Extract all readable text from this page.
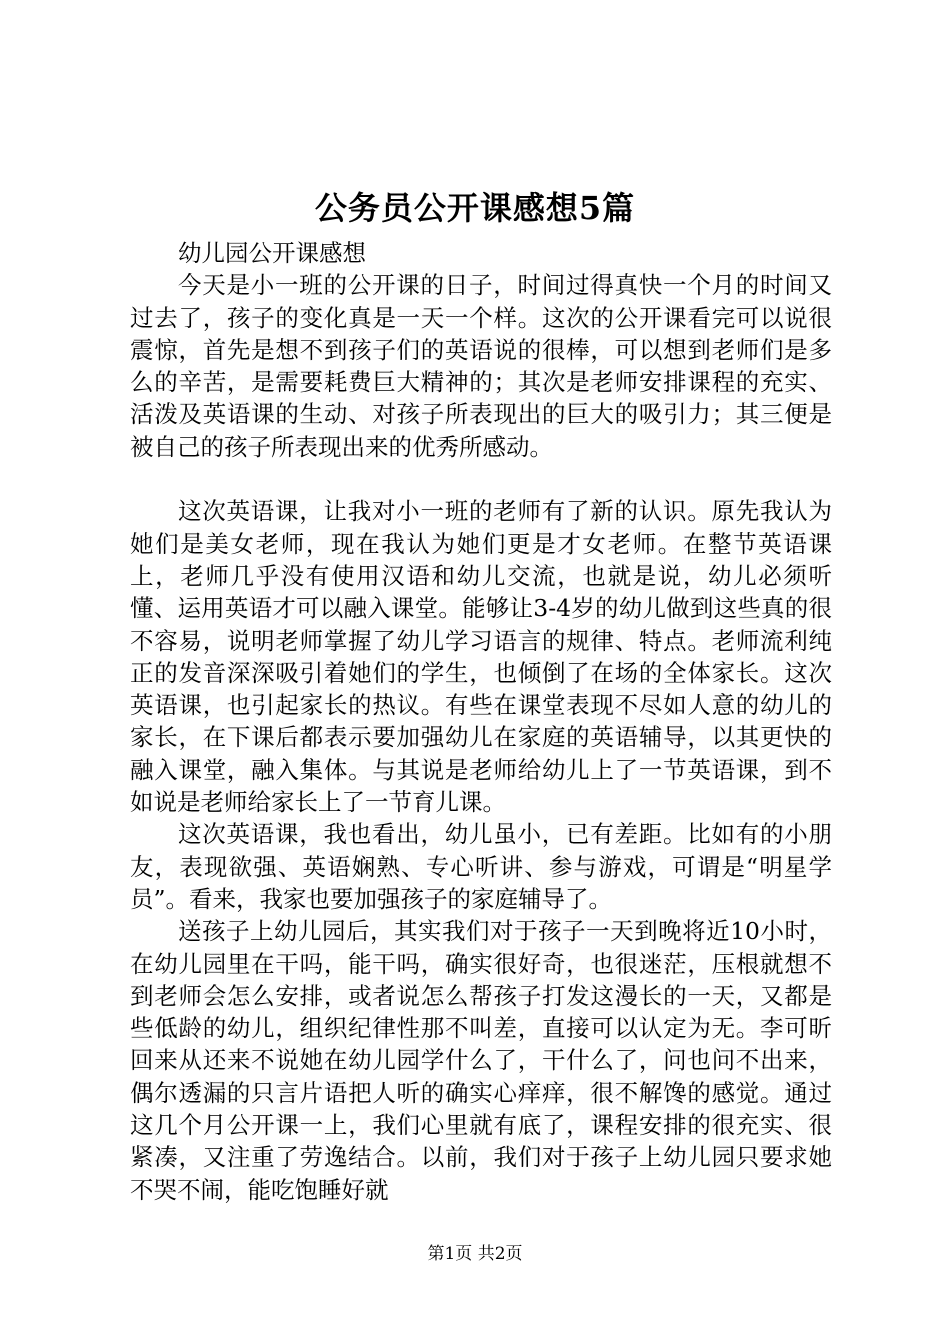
公务员公开课感想5篇
幼儿园公开课感想

今天是小一班的公开课的日子，时间过得真快一个月的时间又过去了，孩子的变化真是一天一个样。这次的公开课看完可以说很震惊，首先是想不到孩子们的英语说的很棒，可以想到老师们是多么的辛苦，是需要耗费巨大精神的；其次是老师安排课程的充实、活泼及英语课的生动、对孩子所表现出的巨大的吸引力；其三便是被自己的孩子所表现出来的优秀所感动。

这次英语课，让我对小一班的老师有了新的认识。原先我认为她们是美女老师，现在我认为她们更是才女老师。在整节英语课上，老师几乎没有使用汉语和幼儿交流，也就是说，幼儿必须听懂、运用英语才可以融入课堂。能够让3-4岁的幼儿做到这些真的很不容易，说明老师掌握了幼儿学习语言的规律、特点。老师流利纯正的发音深深吸引着她们的学生，也倾倒了在场的全体家长。这次英语课，也引起家长的热议。有些在课堂表现不尽如人意的幼儿的家长，在下课后都表示要加强幼儿在家庭的英语辅导，以其更快的融入课堂，融入集体。与其说是老师给幼儿上了一节英语课，到不如说是老师给家长上了一节育儿课。

这次英语课，我也看出，幼儿虽小，已有差距。比如有的小朋友，表现欲强、英语娴熟、专心听讲、参与游戏，可谓是“明星学员”。看来，我家也要加强孩子的家庭辅导了。

送孩子上幼儿园后，其实我们对于孩子一天到晚将近10小时，在幼儿园里在干吗，能干吗，确实很好奇，也很迷茫，压根就想不到老师会怎么安排，或者说怎么帮孩子打发这漫长的一天，又都是些低龄的幼儿，组织纪律性那不叫差，直接可以认定为无。李可昕回来从还来不说她在幼儿园学什么了，干什么了，问也问不出来，偶尔透漏的只言片语把人听的确实心痒痒，很不解馋的感觉。通过这几个月公开课一上，我们心里就有底了，课程安排的很充实、很紧凑，又注重了劳逸结合。以前，我们对于孩子上幼儿园只要求她不哭不闹，能吃饱睡好就

第1页 共2页
